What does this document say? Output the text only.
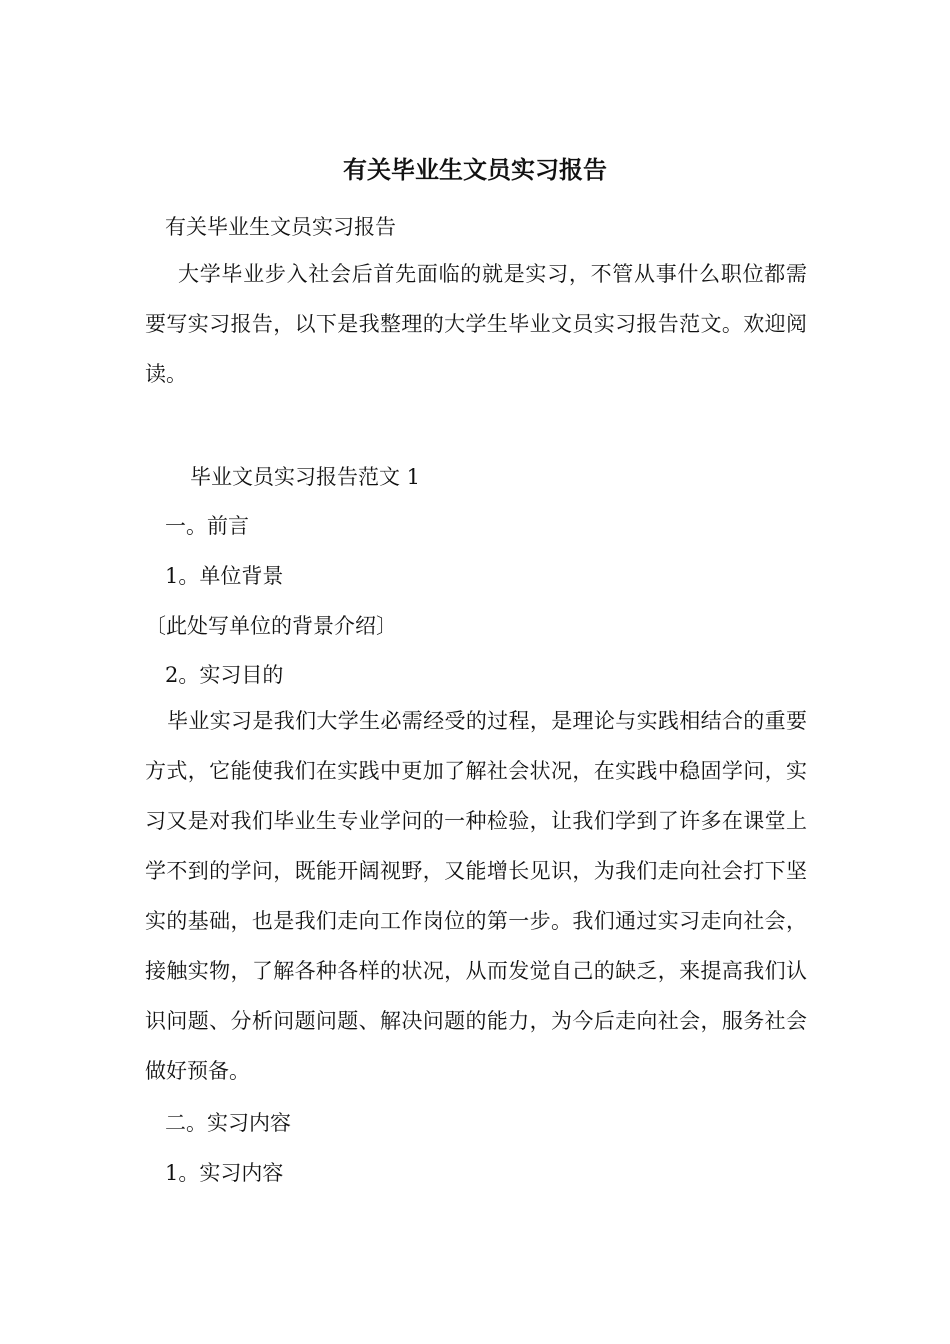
有关毕业生文员实习报告
有关毕业生文员实习报告
大学毕业步入社会后首先面临的就是实习，不管从事什么职位都需要写实习报告，以下是我整理的大学生毕业文员实习报告范文。欢迎阅读。
毕业文员实习报告范文 1
一。前言
1。单位背景
〔此处写单位的背景介绍〕
2。实习目的
毕业实习是我们大学生必需经受的过程，是理论与实践相结合的重要方式，它能使我们在实践中更加了解社会状况，在实践中稳固学问，实习又是对我们毕业生专业学问的一种检验，让我们学到了许多在课堂上学不到的学问，既能开阔视野，又能增长见识，为我们走向社会打下坚实的基础，也是我们走向工作岗位的第一步。我们通过实习走向社会，接触实物，了解各种各样的状况，从而发觉自己的缺乏，来提高我们认识问题、分析问题问题、解决问题的能力，为今后走向社会，服务社会做好预备。
二。实习内容
1。实习内容
